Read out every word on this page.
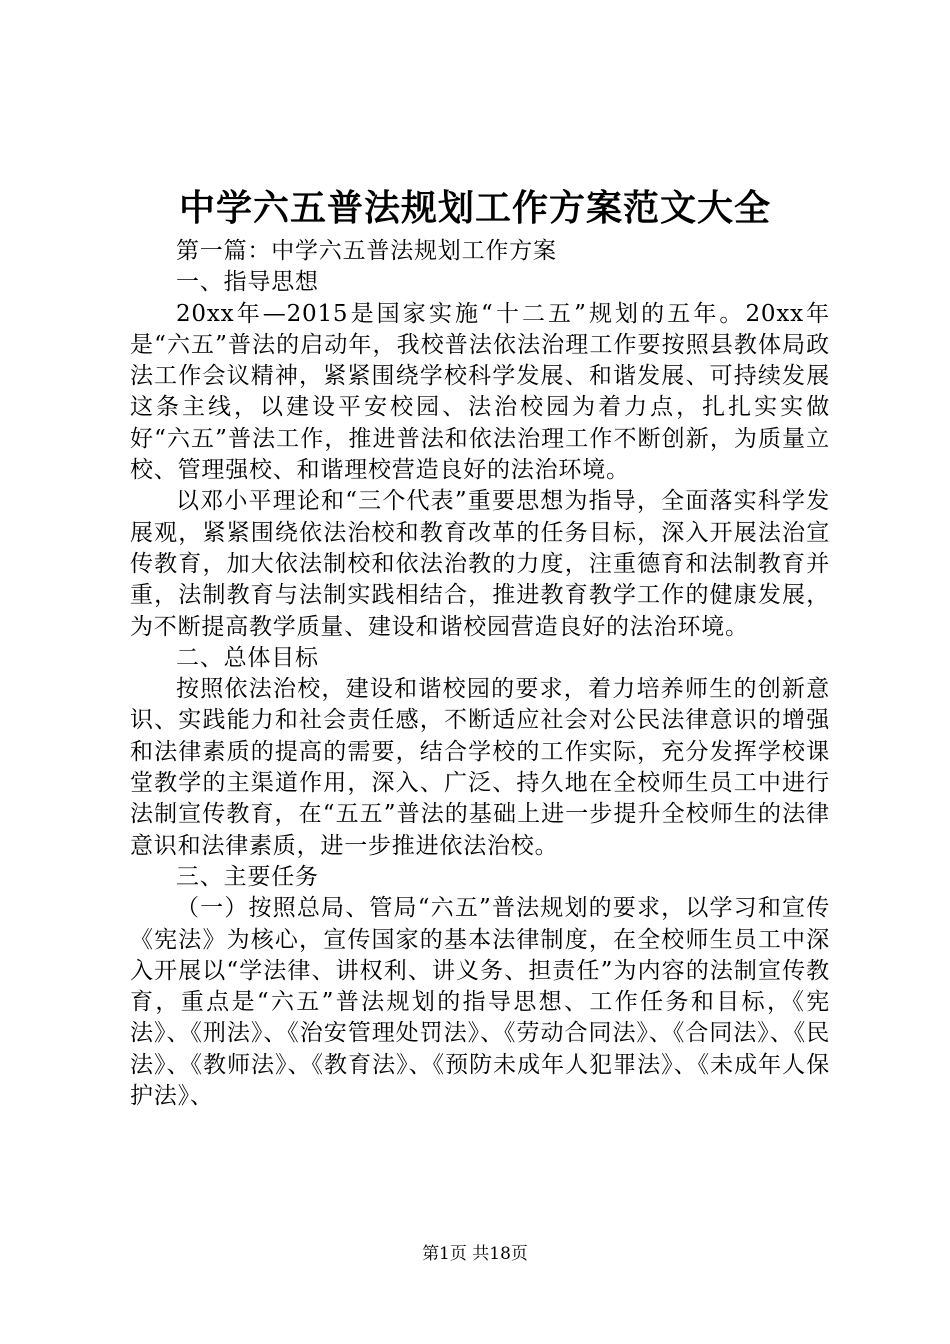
中学六五普法规划工作方案范文大全

第一篇：中学六五普法规划工作方案

一、指导思想

20xx年—2015是国家实施“十二五”规划的五年。20xx年是“六五”普法的启动年，我校普法依法治理工作要按照县教体局政法工作会议精神，紧紧围绕学校科学发展、和谐发展、可持续发展这条主线，以建设平安校园、法治校园为着力点，扎扎实实做好“六五”普法工作，推进普法和依法治理工作不断创新，为质量立校、管理强校、和谐理校营造良好的法治环境。

以邓小平理论和“三个代表”重要思想为指导，全面落实科学发展观，紧紧围绕依法治校和教育改革的任务目标，深入开展法治宣传教育，加大依法制校和依法治教的力度，注重德育和法制教育并重，法制教育与法制实践相结合，推进教育教学工作的健康发展，为不断提高教学质量、建设和谐校园营造良好的法治环境。

二、总体目标

按照依法治校，建设和谐校园的要求，着力培养师生的创新意识、实践能力和社会责任感，不断适应社会对公民法律意识的增强和法律素质的提高的需要，结合学校的工作实际，充分发挥学校课堂教学的主渠道作用，深入、广泛、持久地在全校师生员工中进行法制宣传教育，在“五五”普法的基础上进一步提升全校师生的法律意识和法律素质，进一步推进依法治校。

三、主要任务

（一）按照总局、管局“六五”普法规划的要求，以学习和宣传《宪法》为核心，宣传国家的基本法律制度，在全校师生员工中深入开展以“学法律、讲权利、讲义务、担责任”为内容的法制宣传教育，重点是“六五”普法规划的指导思想、工作任务和目标，《宪法》、《刑法》、《治安管理处罚法》、《劳动合同法》、《合同法》、《民法》、《教师法》、《教育法》、《预防未成年人犯罪法》、《未成年人保护法》、

第1页 共18页
